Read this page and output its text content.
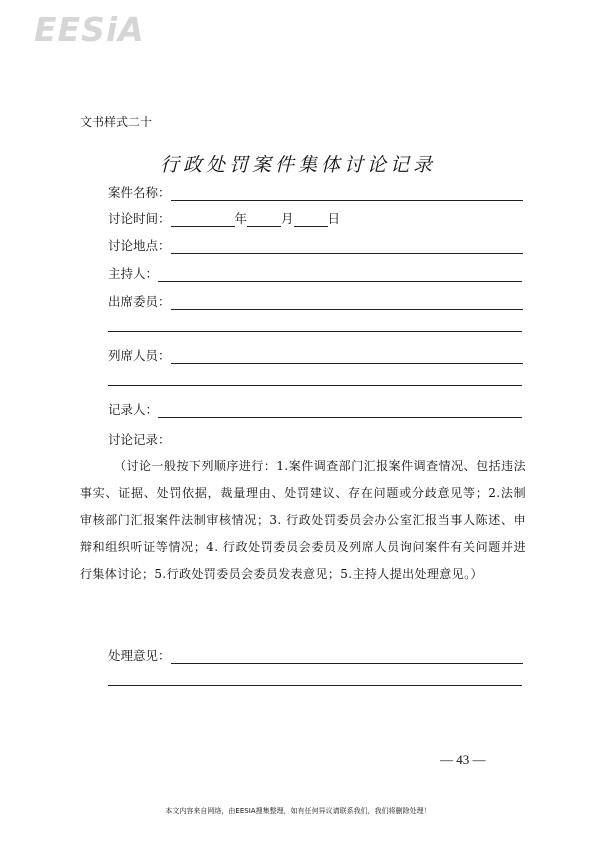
EESiA
文书样式二十
行政处罚案件集体讨论记录
案件名称：
讨论时间：	年	月	日
讨论地点：
主持人：
出席委员：
列席人员：
记录人：
讨论记录：
（讨论一般按下列顺序进行：1.案件调查部门汇报案件调查情况、包括违法事实、证据、处罚依据，裁量理由、处罚建议、存在问题或分歧意见等；2.法制审核部门汇报案件法制审核情况；3. 行政处罚委员会办公室汇报当事人陈述、申辩和组织听证等情况；4. 行政处罚委员会委员及列席人员询问案件有关问题并进行集体讨论；5.行政处罚委员会委员发表意见；5.主持人提出处理意见。）
处理意见：
— 43 —
本文内容来自网络，由EESIA搜集整理，如有任何异议请联系我们，我们将删除处理！
